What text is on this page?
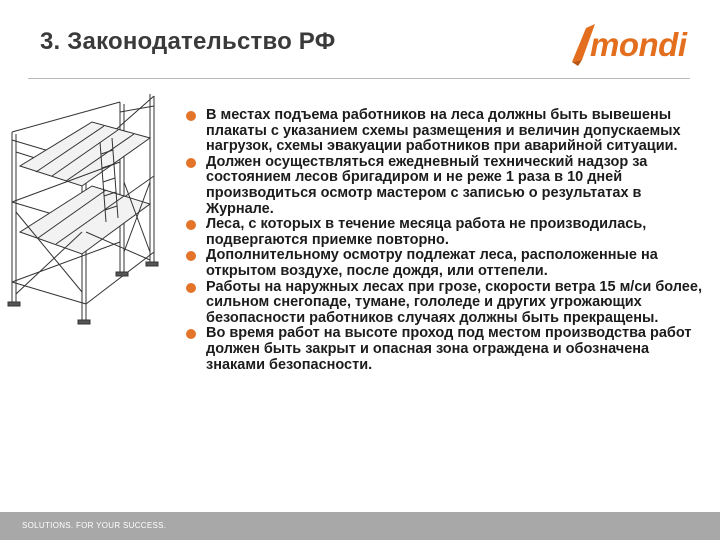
3. Законодательство РФ	mondi
В местах подъема работников на леса должны быть вывешены плакаты с указанием схемы размещения и величин допускаемых нагрузок, схемы эвакуации работников при аварийной ситуации.
Должен осуществляться ежедневный технический надзор за состоянием лесов бригадиром и не реже 1 раза в 10 дней производиться осмотр мастером с записью о результатах в Журнале.
Леса, с которых в течение месяца работа не производилась, подвергаются приемке повторно.
Дополнительному осмотру подлежат леса, расположенные на открытом воздухе, после дождя, или оттепели.
Работы на наружных лесах при грозе, скорости ветра 15 м/си более, сильном снегопаде, тумане, гололеде и других угрожающих безопасности работников случаях должны быть прекращены.
Во время работ на высоте проход под местом производства работ должен быть закрыт и опасная зона ограждена и обозначена знаками безопасности.
SOLUTIONS. FOR YOUR SUCCESS.
